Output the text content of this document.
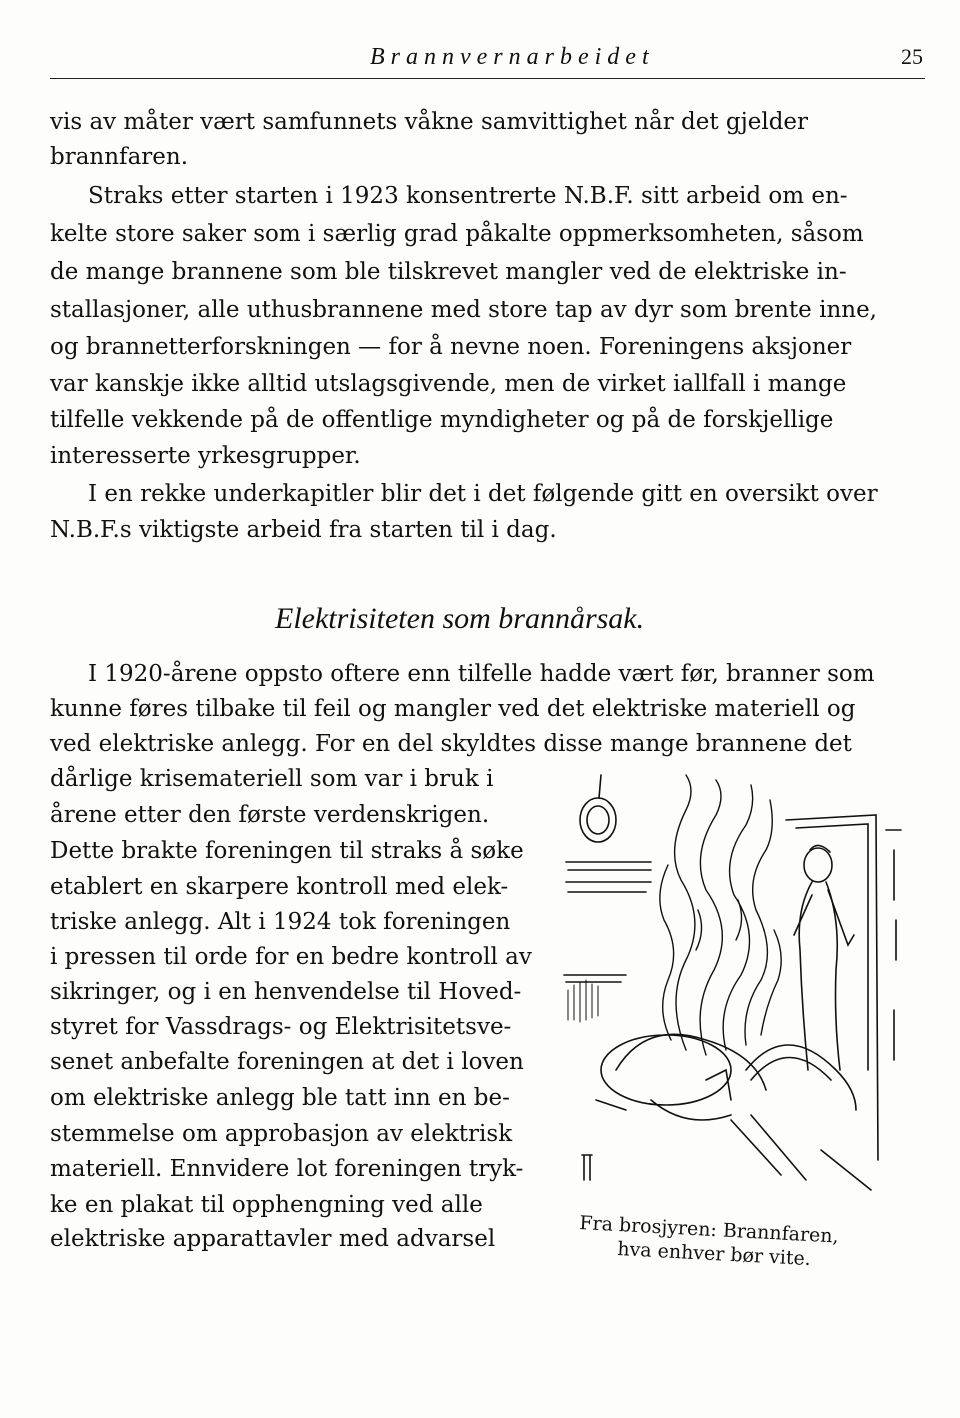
Brannvernarbeidet	25
vis av måter vært samfunnets våkne samvittighet når det gjelder
brannfaren.
Straks etter starten i 1923 konsentrerte N.B.F. sitt arbeid om en-
kelte store saker som i særlig grad påkalte oppmerksomheten, såsom
de mange brannene som ble tilskrevet mangler ved de elektriske in-
stallasjoner, alle uthusbrannene med store tap av dyr som brente inne,
og brannetterforskningen — for å nevne noen. Foreningens aksjoner
var kanskje ikke alltid utslagsgivende, men de virket iallfall i mange
tilfelle vekkende på de offentlige myndigheter og på de forskjellige
interesserte yrkesgrupper.
I en rekke underkapitler blir det i det følgende gitt en oversikt over
N.B.F.s viktigste arbeid fra starten til i dag.
Elektrisiteten som brannårsak.
I 1920-årene oppsto oftere enn tilfelle hadde vært før, branner som
kunne føres tilbake til feil og mangler ved det elektriske materiell og
ved elektriske anlegg. For en del skyldtes disse mange brannene det
dårlige krisemateriell som var i bruk i
årene etter den første verdenskrigen.
Dette brakte foreningen til straks å søke
etablert en skarpere kontroll med elek-
triske anlegg. Alt i 1924 tok foreningen
i pressen til orde for en bedre kontroll av
sikringer, og i en henvendelse til Hoved-
styret for Vassdrags- og Elektrisitetsve-
senet anbefalte foreningen at det i loven
om elektriske anlegg ble tatt inn en be-
stemmelse om approbasjon av elektrisk
materiell. Ennvidere lot foreningen tryk-
ke en plakat til opphengning ved alle
elektriske apparattavler med advarsel	Fra brosjyren: Brannfaren,
hva enhver bør vite.
